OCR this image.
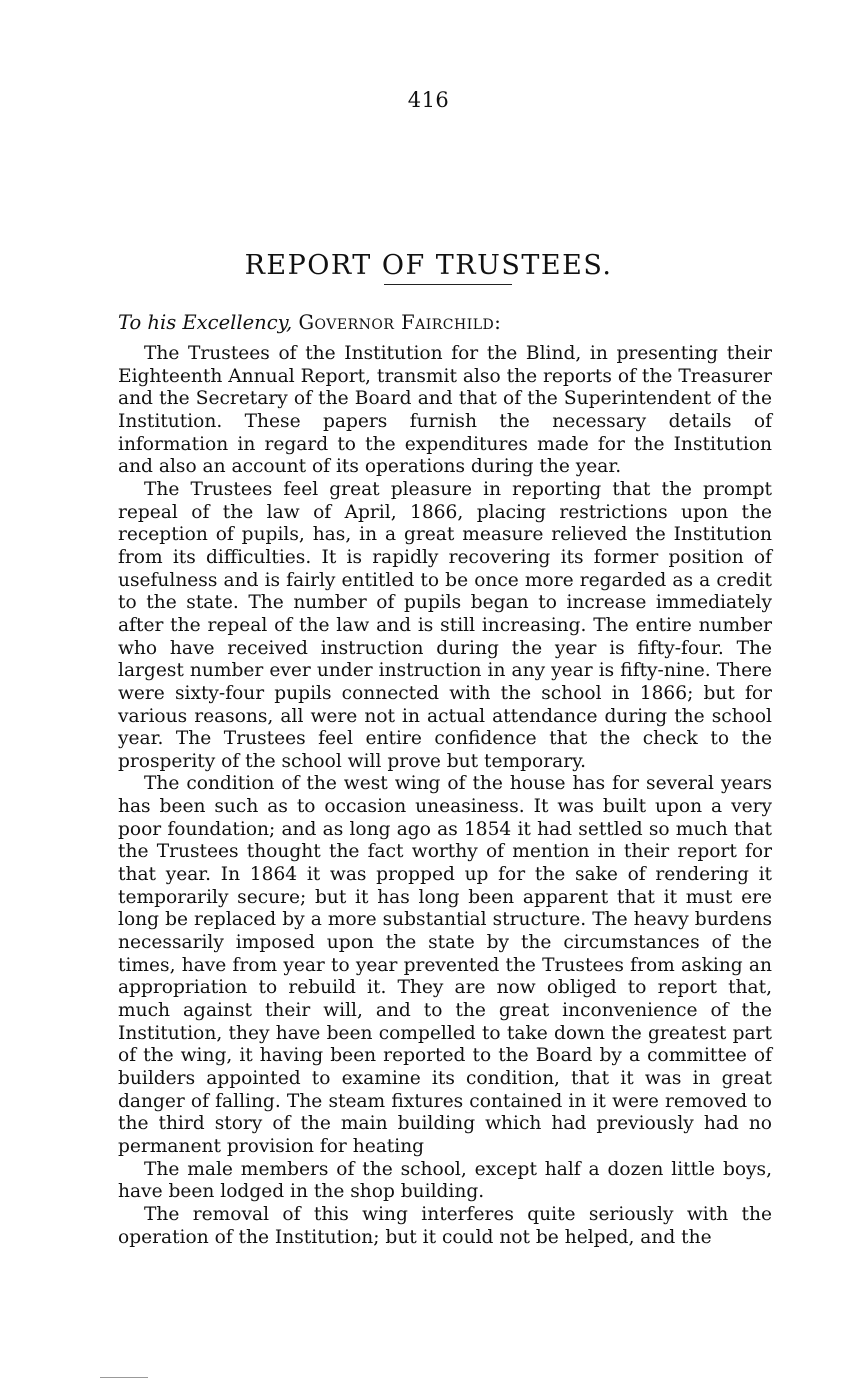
416
REPORT OF TRUSTEES.
To his Excellency, Governor Fairchild:

The Trustees of the Institution for the Blind, in presenting their Eighteenth Annual Report, transmit also the reports of the Treasurer and the Secretary of the Board and that of the Superintendent of the Institution. These papers furnish the necessary details of information in regard to the expenditures made for the Institution and also an account of its operations during the year.

The Trustees feel great pleasure in reporting that the prompt repeal of the law of April, 1866, placing restrictions upon the reception of pupils, has, in a great measure relieved the Institution from its difficulties. It is rapidly recovering its former position of usefulness and is fairly entitled to be once more regarded as a credit to the state. The number of pupils began to increase immediately after the repeal of the law and is still increasing. The entire number who have received instruction during the year is fifty-four. The largest number ever under instruction in any year is fifty-nine. There were sixty-four pupils connected with the school in 1866; but for various reasons, all were not in actual attendance during the school year. The Trustees feel entire confidence that the check to the prosperity of the school will prove but temporary.

The condition of the west wing of the house has for several years has been such as to occasion uneasiness. It was built upon a very poor foundation; and as long ago as 1854 it had settled so much that the Trustees thought the fact worthy of mention in their report for that year. In 1864 it was propped up for the sake of rendering it temporarily secure; but it has long been apparent that it must ere long be replaced by a more substantial structure. The heavy burdens necessarily imposed upon the state by the circumstances of the times, have from year to year prevented the Trustees from asking an appropriation to rebuild it. They are now obliged to report that, much against their will, and to the great inconvenience of the Institution, they have been compelled to take down the greatest part of the wing, it having been reported to the Board by a committee of builders appointed to examine its condition, that it was in great danger of falling. The steam fixtures contained in it were removed to the third story of the main building which had previously had no permanent provision for heating

The male members of the school, except half a dozen little boys, have been lodged in the shop building.

The removal of this wing interferes quite seriously with the operation of the Institution; but it could not be helped, and the
